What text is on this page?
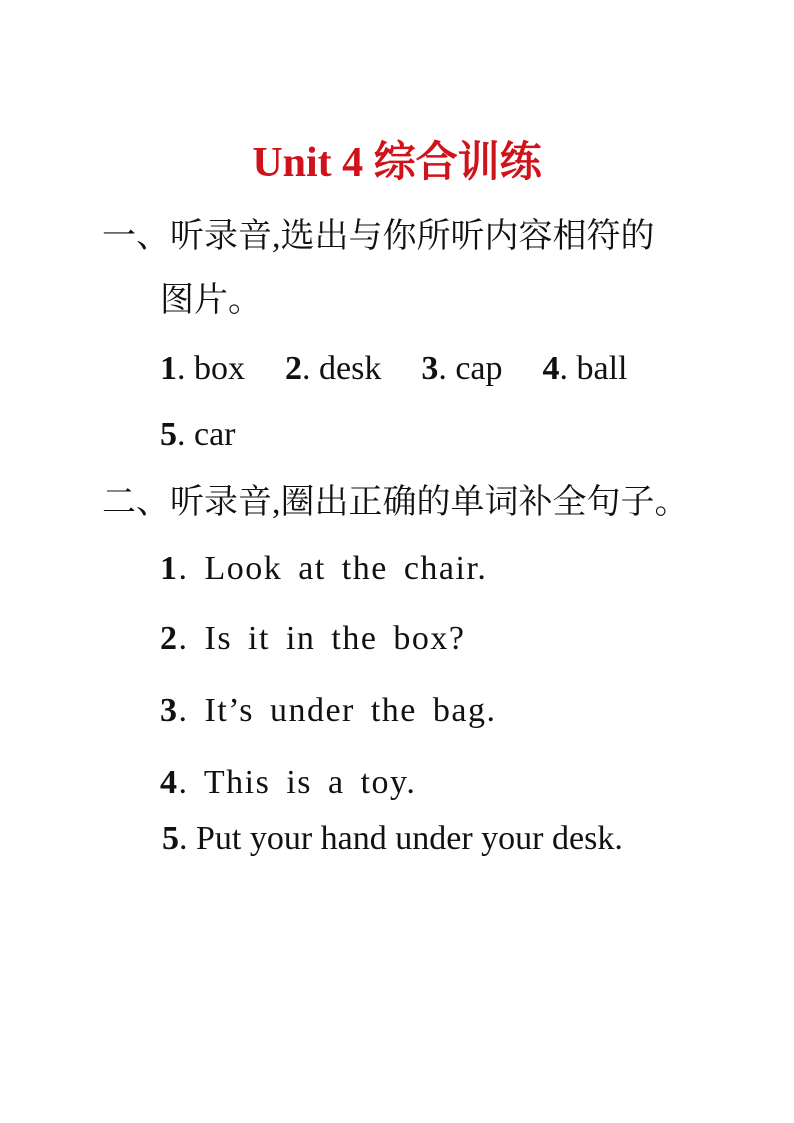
Unit 4 综合训练
一、听录音,选出与你所听内容相符的
图片。
1. box 2. desk 3. cap 4. ball
5. car
二、听录音,圈出正确的单词补全句子。
1. Look at the chair.
2. Is it in the box?
3. It’s under the bag.
4. This is a toy.
5. Put your hand under your desk.
